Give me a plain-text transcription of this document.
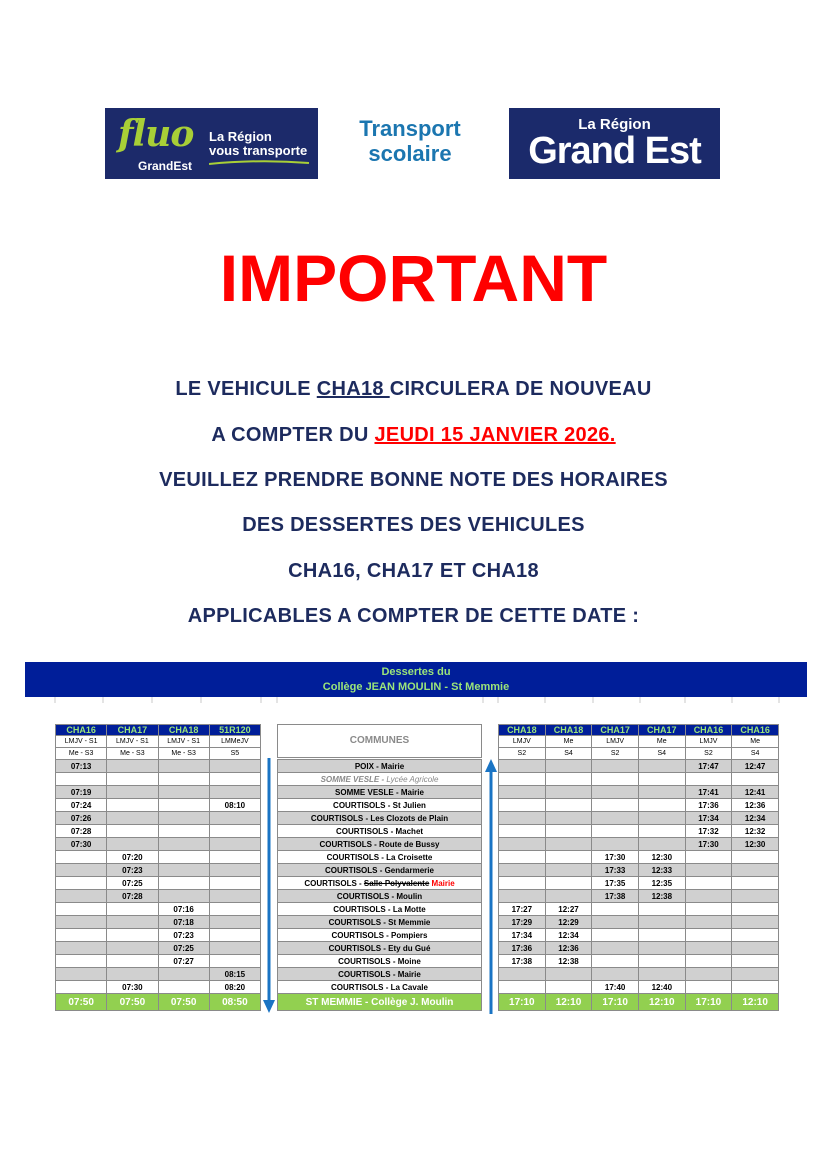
fluo
GrandEst
La Région
vous transporte
Transport
scolaire
La Région
Grand Est
IMPORTANT

LE VEHICULE CHA18 CIRCULERA DE NOUVEAU

A COMPTER DU JEUDI 15 JANVIER 2026.

VEUILLEZ PRENDRE BONNE NOTE DES HORAIRES

DES DESSERTES DES VEHICULES

CHA16, CHA17 ET CHA18

APPLICABLES A COMPTER DE CETTE DATE :

Dessertes du
Collège JEAN MOULIN - St Memmie
CHA16	CHA17	CHA18	51R120
LMJV - S1	LMJV - S1	LMJV - S1	LMMeJV
Me - S3	Me - S3	Me - S3	S5
07:13			

07:19			
07:24			08:10
07:26			
07:28			
07:30			
	07:20		
	07:23		
	07:25		
	07:28		
		07:16	
		07:18	
		07:23	
		07:25	
		07:27	
			08:15
	07:30		08:20
07:50	07:50	07:50	08:50
COMMUNES
POIX - Mairie
SOMME VESLE - Lycée Agricole
SOMME VESLE - Mairie
COURTISOLS - St Julien
COURTISOLS - Les Clozots de Plain
COURTISOLS - Machet
COURTISOLS - Route de Bussy
COURTISOLS - La Croisette
COURTISOLS - Gendarmerie
COURTISOLS - Salle Polyvalente Mairie
COURTISOLS - Moulin
COURTISOLS - La Motte
COURTISOLS - St Memmie
COURTISOLS - Pompiers
COURTISOLS - Ety du Gué
COURTISOLS - Moine
COURTISOLS - Mairie
COURTISOLS - La Cavale
ST MEMMIE - Collège J. Moulin
CHA18	CHA18	CHA17	CHA17	CHA16	CHA16
LMJV	Me	LMJV	Me	LMJV	Me
S2	S4	S2	S4	S2	S4
				17:47	12:47

				17:41	12:41
				17:36	12:36
				17:34	12:34
				17:32	12:32
				17:30	12:30
		17:30	12:30		
		17:33	12:33		
		17:35	12:35		
		17:38	12:38		
17:27	12:27				
17:29	12:29				
17:34	12:34				
17:36	12:36				
17:38	12:38				

		17:40	12:40		
17:10	12:10	17:10	12:10	17:10	12:10
